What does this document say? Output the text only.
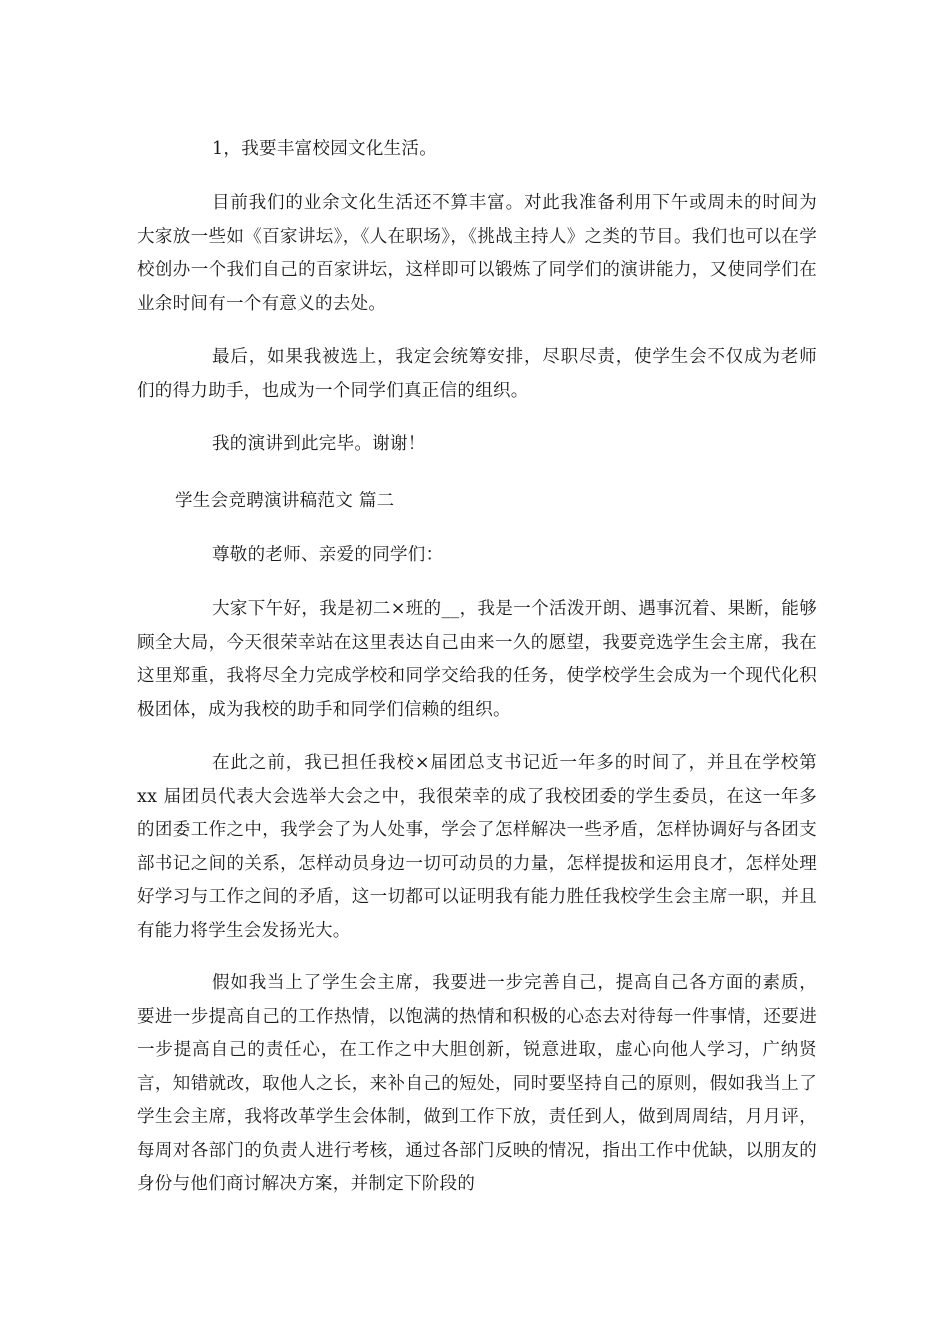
1，我要丰富校园文化生活。

目前我们的业余文化生活还不算丰富。对此我准备利用下午或周未的时间为大家放一些如《百家讲坛》，《人在职场》，《挑战主持人》之类的节目。我们也可以在学校创办一个我们自己的百家讲坛，这样即可以锻炼了同学们的演讲能力，又使同学们在业余时间有一个有意义的去处。

最后，如果我被选上，我定会统筹安排，尽职尽责，使学生会不仅成为老师们的得力助手，也成为一个同学们真正信的组织。

我的演讲到此完毕。谢谢！

学生会竞聘演讲稿范文 篇二

尊敬的老师、亲爱的同学们：

大家下午好，我是初二×班的__，我是一个活泼开朗、遇事沉着、果断，能够顾全大局，今天很荣幸站在这里表达自己由来一久的愿望，我要竞选学生会主席，我在这里郑重，我将尽全力完成学校和同学交给我的任务，使学校学生会成为一个现代化积极团体，成为我校的助手和同学们信赖的组织。

在此之前，我已担任我校×届团总支书记近一年多的时间了，并且在学校第 xx 届团员代表大会选举大会之中，我很荣幸的成了我校团委的学生委员，在这一年多的团委工作之中，我学会了为人处事，学会了怎样解决一些矛盾，怎样协调好与各团支部书记之间的关系，怎样动员身边一切可动员的力量，怎样提拔和运用良才，怎样处理好学习与工作之间的矛盾，这一切都可以证明我有能力胜任我校学生会主席一职，并且有能力将学生会发扬光大。

假如我当上了学生会主席，我要进一步完善自己，提高自己各方面的素质，要进一步提高自己的工作热情，以饱满的热情和积极的心态去对待每一件事情，还要进一步提高自己的责任心，在工作之中大胆创新，锐意进取，虚心向他人学习，广纳贤言，知错就改，取他人之长，来补自己的短处，同时要坚持自己的原则，假如我当上了学生会主席，我将改革学生会体制，做到工作下放，责任到人，做到周周结，月月评，每周对各部门的负责人进行考核，通过各部门反映的情况，指出工作中优缺，以朋友的身份与他们商讨解决方案，并制定下阶段的
